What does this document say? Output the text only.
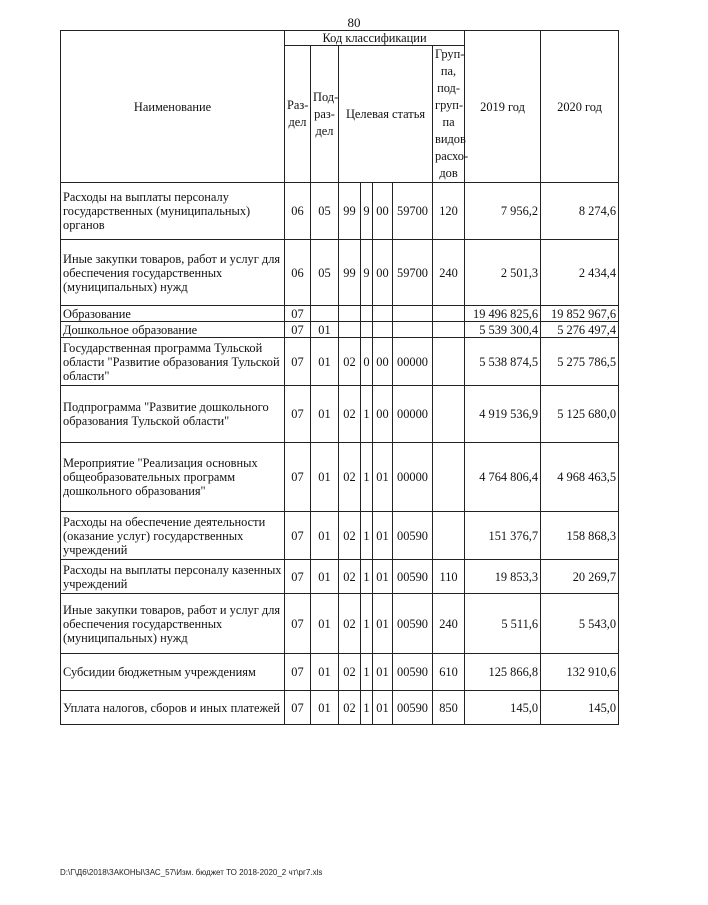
80
Наименование	Код классификации							2019 год	2020 год
	Раз-дел	Под-раз-дел	Целевая статья				Груп-па, под-груп-па видов расхо-дов		
Расходы на выплаты персоналу государственных (муниципальных) органов	06	05	99	9	00	59700	120	7 956,2	8 274,6
Иные закупки товаров, работ и услуг для обеспечения государственных (муниципальных) нужд	06	05	99	9	00	59700	240	2 501,3	2 434,4
Образование	07							19 496 825,6	19 852 967,6
Дошкольное образование	07	01						5 539 300,4	5 276 497,4
Государственная программа Тульской области "Развитие образования Тульской области"	07	01	02	0	00	00000		5 538 874,5	5 275 786,5
Подпрограмма "Развитие дошкольного образования Тульской области"	07	01	02	1	00	00000		4 919 536,9	5 125 680,0
Мероприятие "Реализация основных общеобразовательных программ дошкольного образования"	07	01	02	1	01	00000		4 764 806,4	4 968 463,5
Расходы на обеспечение деятельности (оказание услуг) государственных учреждений	07	01	02	1	01	00590		151 376,7	158 868,3
Расходы на выплаты персоналу казенных учреждений	07	01	02	1	01	00590	110	19 853,3	20 269,7
Иные закупки товаров, работ и услуг для обеспечения государственных (муниципальных) нужд	07	01	02	1	01	00590	240	5 511,6	5 543,0
Субсидии бюджетным учреждениям	07	01	02	1	01	00590	610	125 866,8	132 910,6
Уплата налогов, сборов и иных платежей	07	01	02	1	01	00590	850	145,0	145,0
D:\Г\Д6\2018\ЗАКОНЫ\ЗАС_57\Изм. бюджет ТО 2018-2020_2 чт\рг7.xls
